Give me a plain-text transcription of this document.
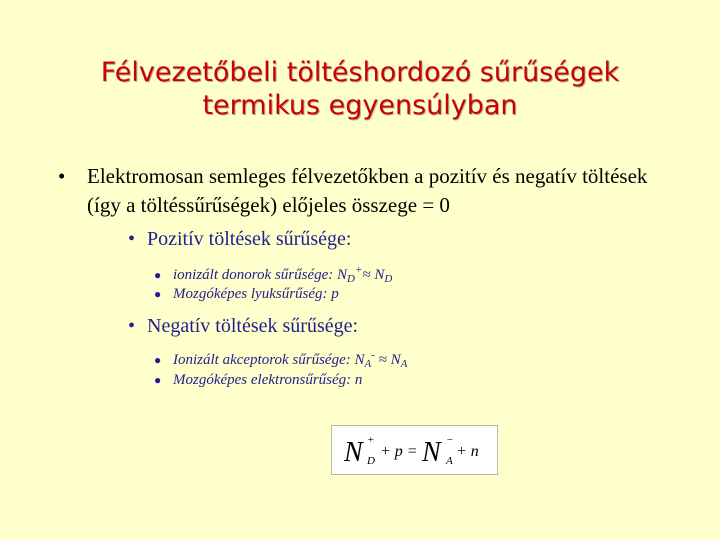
Félvezetőbeli töltéshordozó sűrűségek
termikus egyensúlyban
• Elektromosan semleges félvezetőkben a pozitív és negatív töltések (így a töltéssűrűségek) előjeles összege = 0
• Pozitív töltések sűrűsége:
● ionizált donorok sűrűsége: $N_D^+\approx N_D$
● Mozgóképes lyuksűrűség: p
• Negatív töltések sűrűsége:
● Ionizált akceptorok sűrűsége: $N_A^- \approx N_A$
● Mozgóképes elektronsűrűség: n
N +
D
+ p = N −
A
+ n
